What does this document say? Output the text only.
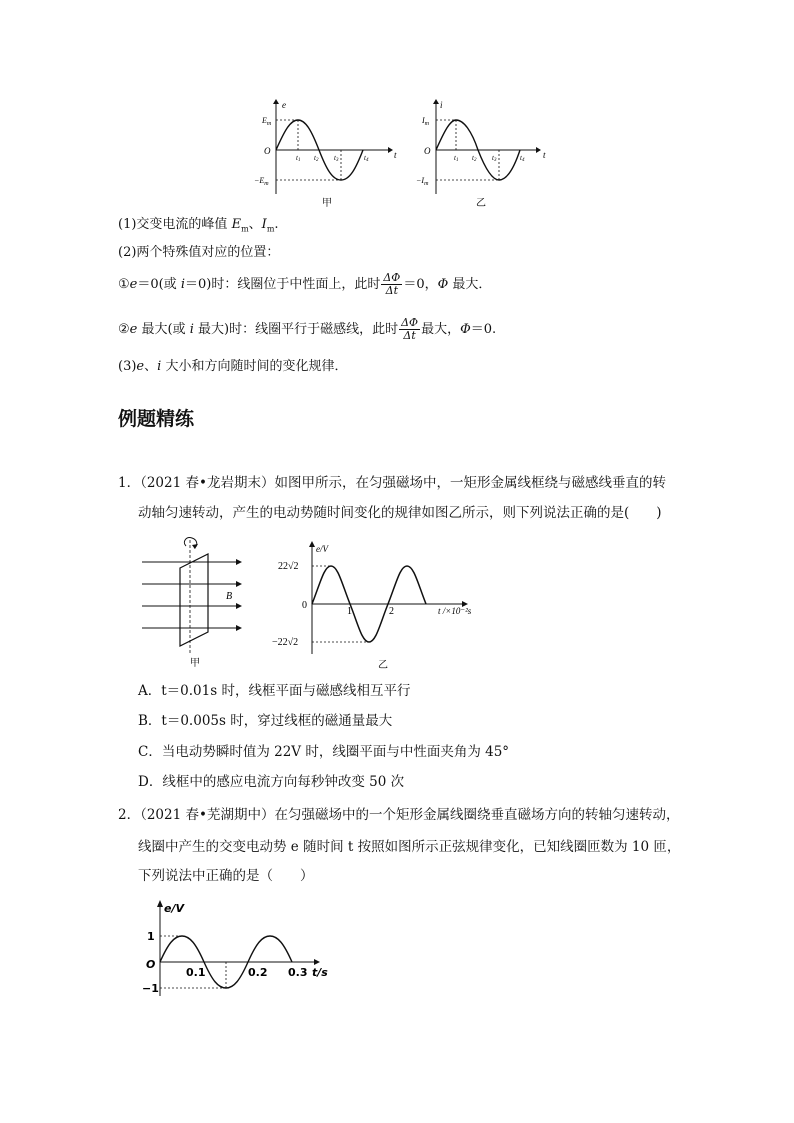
e
t
O
$E_m$
$-E_m$
t1 t2 t3	t4
甲
i
t
O
$I_m$
$-I_m$
t1 t2 t3	t4
乙
(1)交变电流的峰值 $E_m$、$I_m$.
(2)两个特殊值对应的位置：
①e＝0(或 i＝0)时：线圈位于中性面上，此时 $\frac{\Delta\Phi}{\Delta t} =0$，Φ 最大．
②e 最大(或 i 最大)时：线圈平行于磁感线，此时 $\frac{\Delta\Phi}{\Delta t}$ 最大，Φ＝0.
(3)e、i 大小和方向随时间的变化规律．
例题精练
1．（2021 春•龙岩期末）如图甲所示，在匀强磁场中，一矩形金属线框绕与磁感线垂直的转
动轴匀速转动，产生的电动势随时间变化的规律如图乙所示，则下列说法正确的是(　　)
B
甲
e/V
22√2
−22√2
0
1	2	t /×10⁻²s
乙
A．t＝0.01s 时，线框平面与磁感线相互平行
B．t＝0.005s 时，穿过线框的磁通量最大
C．当电动势瞬时值为 22V 时，线圈平面与中性面夹角为 45°
D．线框中的感应电流方向每秒钟改变 50 次
2．（2021 春•芜湖期中）在匀强磁场中的一个矩形金属线圈绕垂直磁场方向的转轴匀速转动，
线圈中产生的交变电动势 e 随时间 t 按照如图所示正弦规律变化，已知线圈匝数为 10 匝，
下列说法中正确的是（　　）
e/V
1
−1
O
0.1	0.2 0.3 t/s
